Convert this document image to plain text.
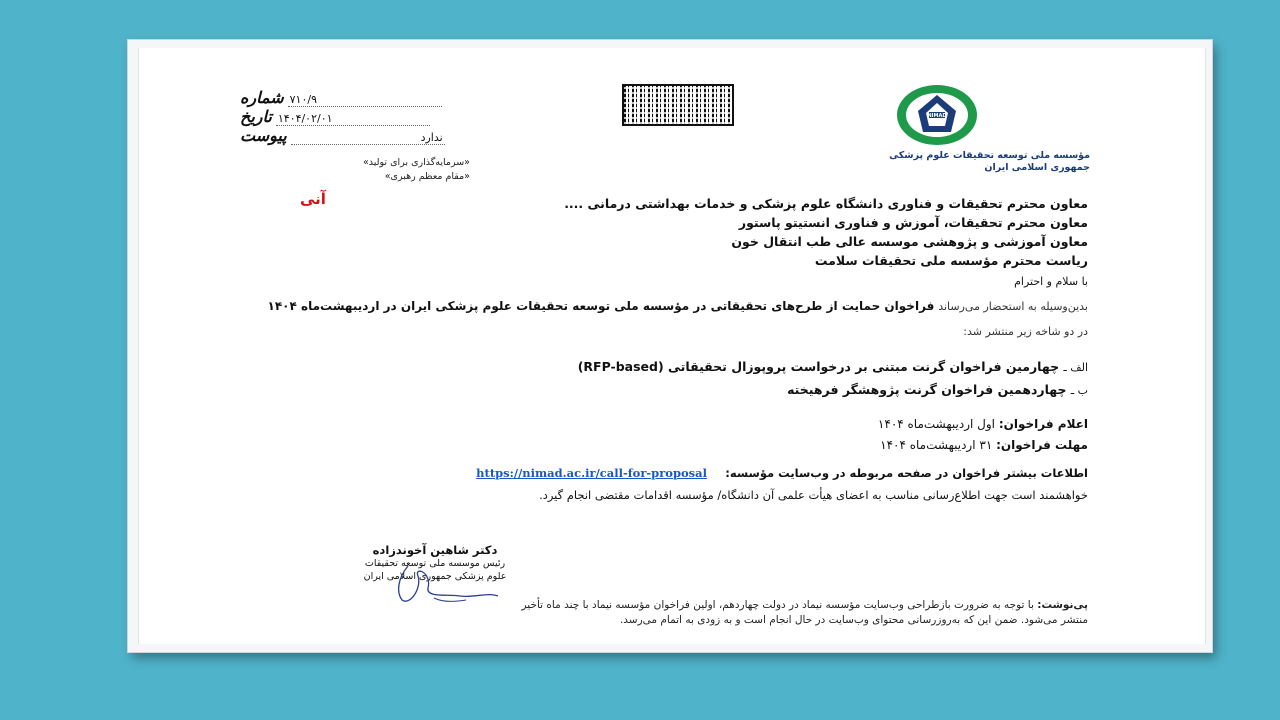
شماره ۷۱۰/۹
تاریخ ۱۴۰۴/۰۲/۰۱
پیوست	ندارد
«سرمایه‌گذاری برای تولید»
«مقام معظم رهبری»
آنی
NIMAD
مؤسسه ملی توسعه تحقیقات علوم پزشکی
جمهوری اسلامی ایران
معاون محترم تحقیقات و فناوری دانشگاه علوم پزشکی و خدمات بهداشتی درمانی ....
معاون محترم تحقیقات، آموزش و فناوری انستیتو پاستور
معاون آموزشی و پژوهشی موسسه عالی طب انتقال خون
ریاست محترم مؤسسه ملی تحقیقات سلامت
با سلام و احترام
بدین‌وسیله به استحضار می‌رساند فراخوان حمایت از طرح‌های تحقیقاتی در مؤسسه ملی توسعه تحقیقات علوم پزشکی ایران در اردیبهشت‌ماه ۱۴۰۴ در دو شاخه زیر منتشر شد:
الف ـ چهارمین فراخوان گرنت مبتنی بر درخواست پروپوزال تحقیقاتی (RFP-based)
ب ـ چهاردهمین فراخوان گرنت پژوهشگر فرهیخته
اعلام فراخوان: اول اردیبهشت‌ماه ۱۴۰۴
مهلت فراخوان: ۳۱ اردیبهشت‌ماه ۱۴۰۴
اطلاعات بیشتر فراخوان در صفحه مربوطه در وب‌سایت مؤسسه:     https://nimad.ac.ir/call-for-proposal
خواهشمند است جهت اطلاع‌رسانی مناسب به اعضای هیأت علمی آن دانشگاه/ مؤسسه اقدامات مقتضی انجام گیرد.
دکتر شاهین آخوندزاده
رئیس موسسه ملی توسعه تحقیقات
علوم پزشکی جمهوری اسلامی ایران
پی‌نوشت: با توجه به ضرورت بازطراحی وب‌سایت مؤسسه نیماد در دولت چهاردهم، اولین فراخوان مؤسسه نیماد با چند ماه تأخیر
منتشر می‌شود. ضمن این که به‌روزرسانی محتوای وب‌سایت در حال انجام است و به زودی به اتمام می‌رسد.
